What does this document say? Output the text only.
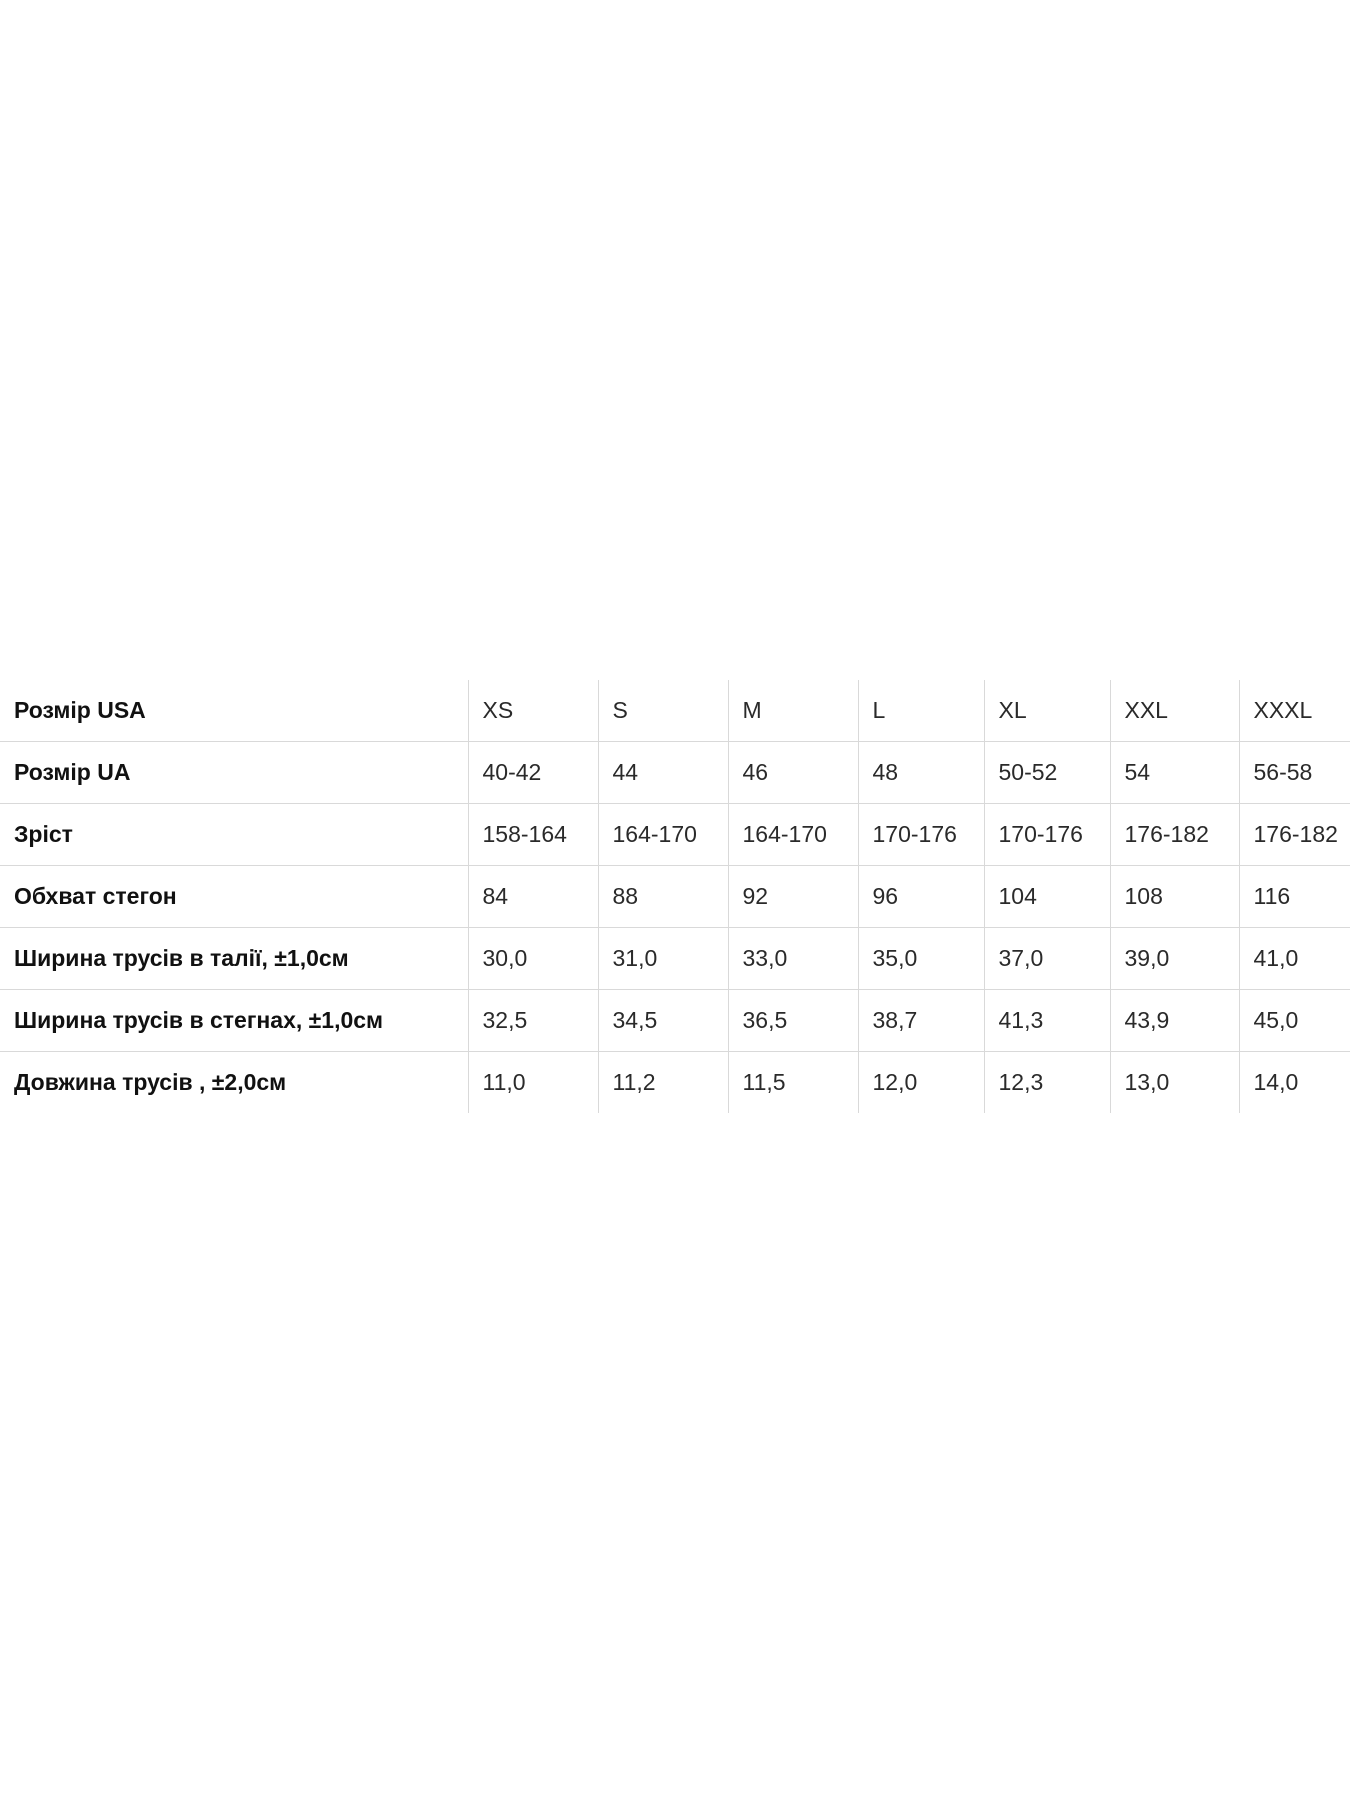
Розмір USA	XS	S	M	L	XL	XXL	XXXL
Розмір UA	40-42	44	46	48	50-52	54	56-58
Зріст	158-164	164-170	164-170	170-176	170-176	176-182	176-182
Обхват стегон	84	88	92	96	104	108	116
Ширина трусів в талії, ±1,0см	30,0	31,0	33,0	35,0	37,0	39,0	41,0
Ширина трусів в стегнах, ±1,0см	32,5	34,5	36,5	38,7	41,3	43,9	45,0
Довжина трусів , ±2,0см	11,0	11,2	11,5	12,0	12,3	13,0	14,0
